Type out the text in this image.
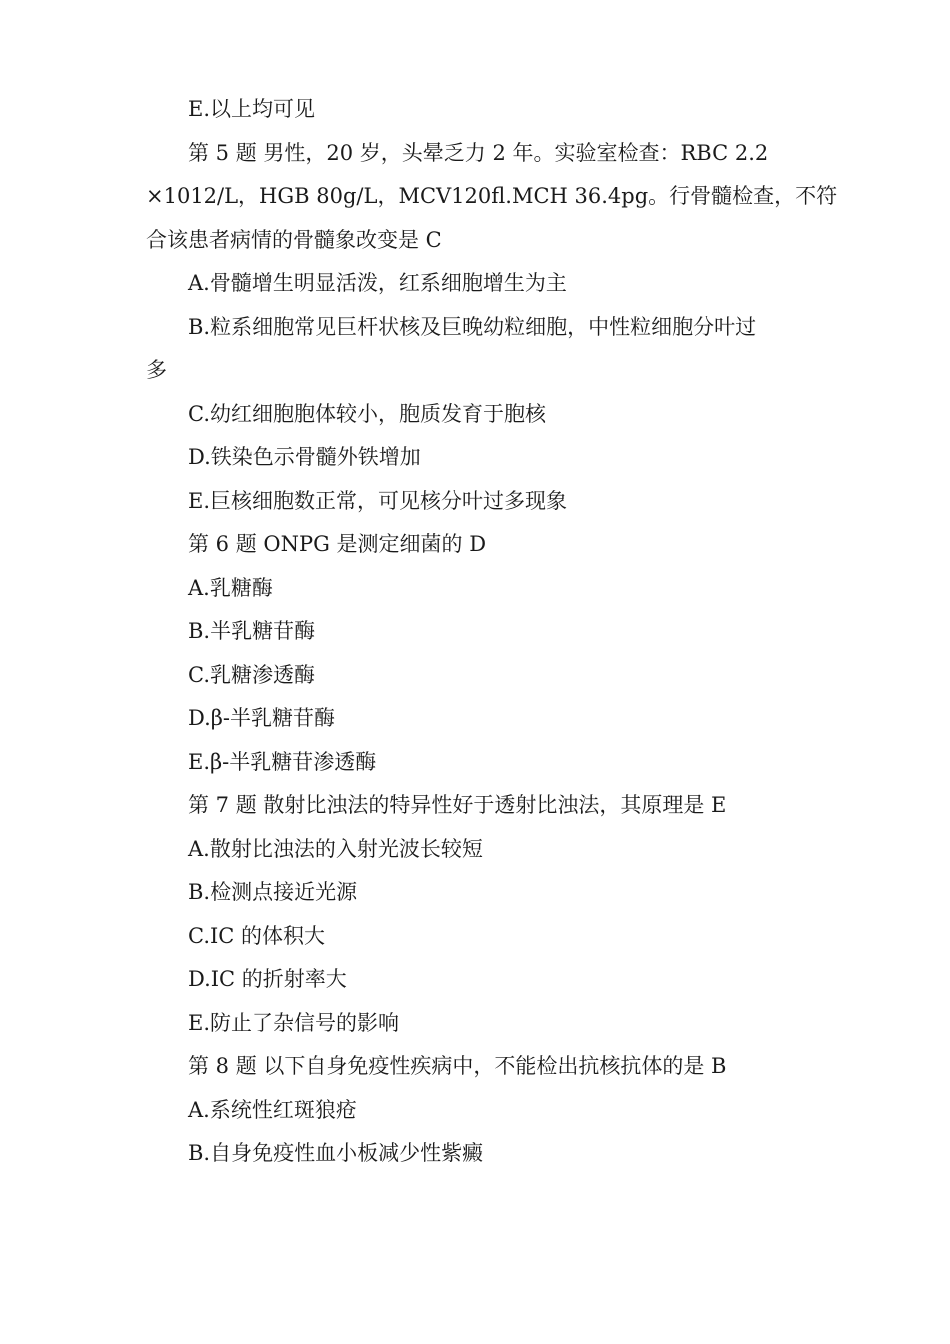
E.以上均可见

第 5 题 男性，20 岁，头晕乏力 2 年。实验室检查：RBC 2.2

×1012/L，HGB 80g/L，MCV120fl.MCH 36.4pg。行骨髓检查，不符

合该患者病情的骨髓象改变是 C

A.骨髓增生明显活泼，红系细胞增生为主

B.粒系细胞常见巨杆状核及巨晚幼粒细胞，中性粒细胞分叶过

多

C.幼红细胞胞体较小，胞质发育于胞核

D.铁染色示骨髓外铁增加

E.巨核细胞数正常，可见核分叶过多现象

第 6 题 ONPG 是测定细菌的 D

A.乳糖酶

B.半乳糖苷酶

C.乳糖渗透酶

D.β-半乳糖苷酶

E.β-半乳糖苷渗透酶

第 7 题 散射比浊法的特异性好于透射比浊法，其原理是 E

A.散射比浊法的入射光波长较短

B.检测点接近光源

C.IC 的体积大

D.IC 的折射率大

E.防止了杂信号的影响

第 8 题 以下自身免疫性疾病中，不能检出抗核抗体的是 B

A.系统性红斑狼疮

B.自身免疫性血小板减少性紫癜
